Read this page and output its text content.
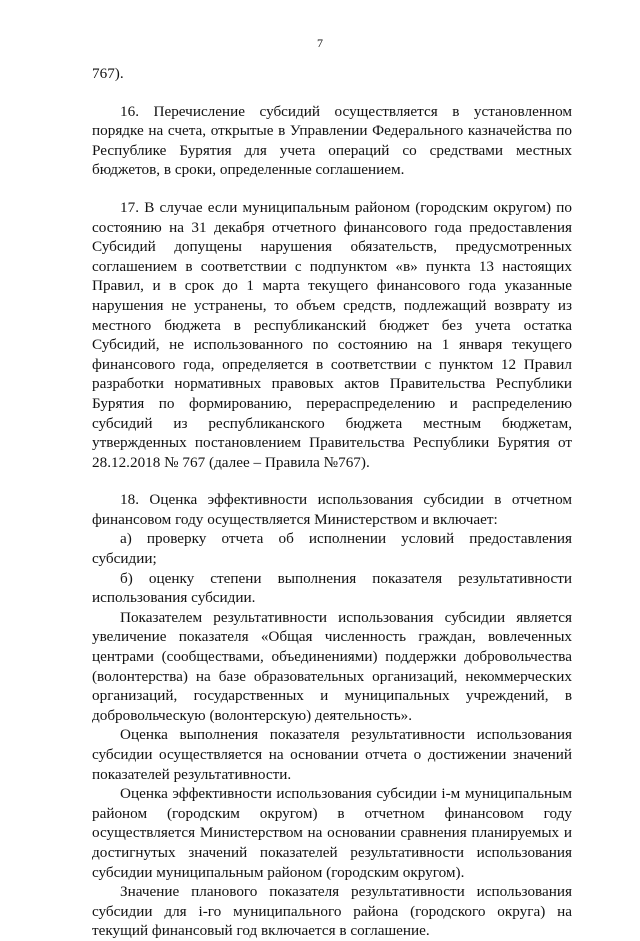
7

767).

16. Перечисление субсидий осуществляется в установленном порядке на счета, открытые в Управлении Федерального казначейства по Республике Бурятия для учета операций со средствами местных бюджетов, в сроки, определенные соглашением.

17. В случае если муниципальным районом (городским округом) по состоянию на 31 декабря отчетного финансового года предоставления Субсидий допущены нарушения обязательств, предусмотренных соглашением в соответствии с подпунктом «в» пункта 13 настоящих Правил, и в срок до 1 марта текущего финансового года указанные нарушения не устранены, то объем средств, подлежащий возврату из местного бюджета в республиканский бюджет без учета остатка Субсидий, не использованного по состоянию на 1 января текущего финансового года, определяется в соответствии с пунктом 12 Правил разработки нормативных правовых актов Правительства Республики Бурятия по формированию, перераспределению и распределению субсидий из республиканского бюджета местным бюджетам, утвержденных постановлением Правительства Республики Бурятия от 28.12.2018 № 767 (далее – Правила №767).

18. Оценка эффективности использования субсидии в отчетном финансовом году осуществляется Министерством и включает:

а) проверку отчета об исполнении условий предоставления субсидии;

б) оценку степени выполнения показателя результативности использования субсидии.

Показателем результативности использования субсидии является увеличение показателя «Общая численность граждан, вовлеченных центрами (сообществами, объединениями) поддержки добровольчества (волонтерства) на базе образовательных организаций, некоммерческих организаций, государственных и муниципальных учреждений, в добровольческую (волонтерскую) деятельность».

Оценка выполнения показателя результативности использования субсидии осуществляется на основании отчета о достижении значений показателей результативности.

Оценка эффективности использования субсидии i-м муниципальным районом (городским округом) в отчетном финансовом году осуществляется Министерством на основании сравнения планируемых и достигнутых значений показателей результативности использования субсидии муниципальным районом (городским округом).

Значение планового показателя результативности использования субсидии для i-го муниципального района (городского округа) на текущий финансовый год включается в соглашение.
